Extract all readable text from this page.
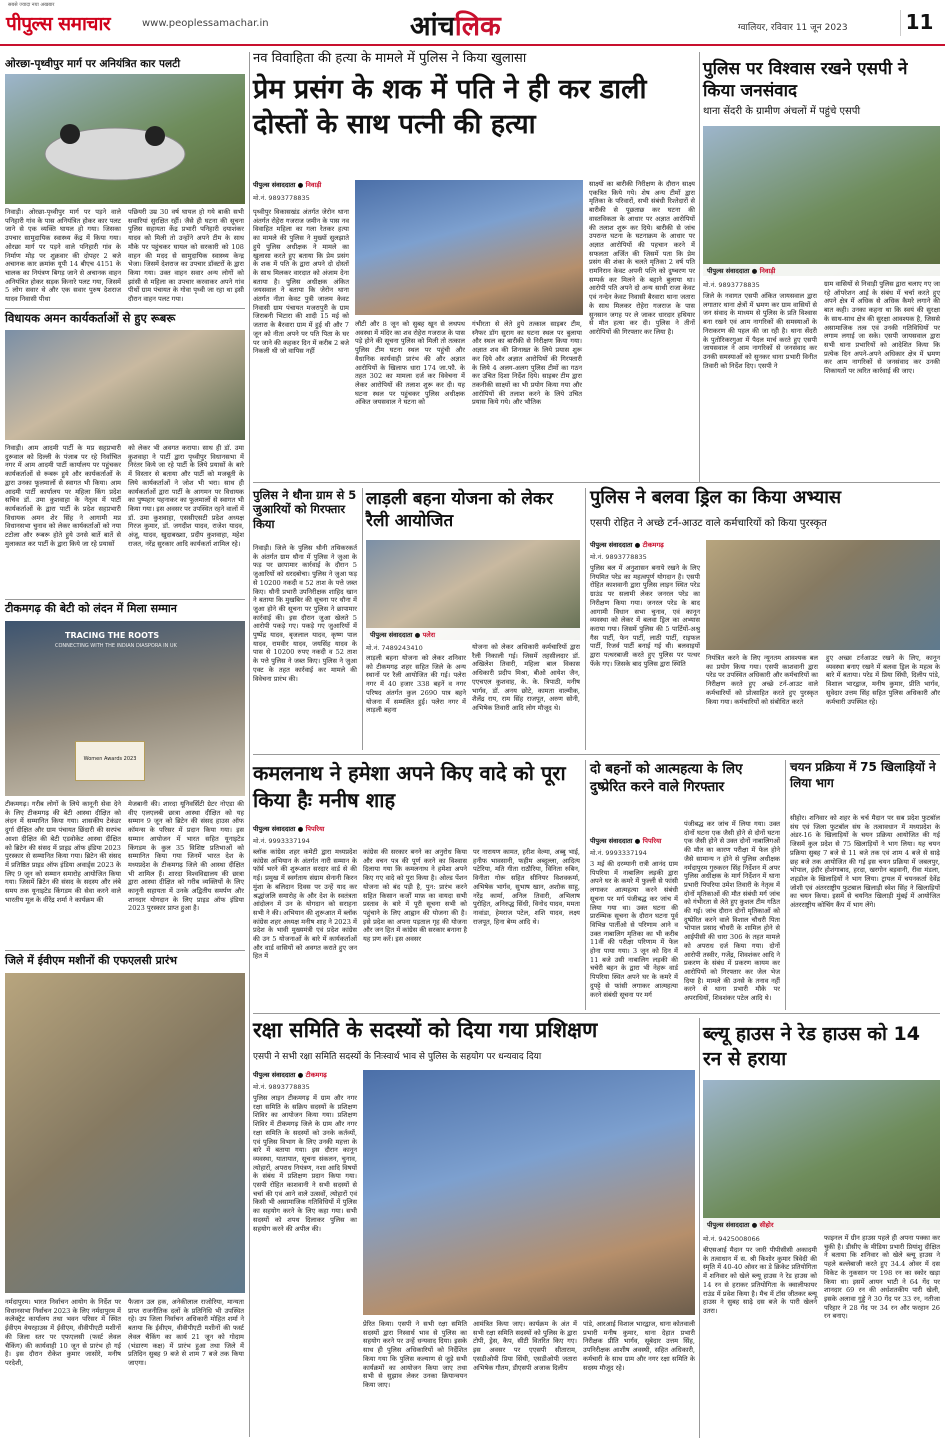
सबसे ज्यादा नया अखबार
पीपुल्स समाचार	www.peoplessamachar.in	आंचलिक	ग्वालियर, रविवार 11 जून 2023	11
ओरछा-पृथ्वीपुर मार्ग पर अनियंत्रित कार पलटी
निवाड़ी। ओरछा-पृथ्वीपुर मार्ग पर पड़ने वाले पनिहारी गांव के पास अनियंत्रित होकर कार पलट जाने से एक व्यक्ति घायल हो गया। जिसका उपचार सामुदायिक स्वास्थ्य केंद्र में किया गया। ओरछा मार्ग पर पड़ने वाले पनिहारी गांव के निर्माण मोड़ पर शुक्रवार की दोपहर 2 बजे अचानक कार क्रमांक यूपी 14 बीएच 4151 के चालक का नियंत्रण बिगड़ जाने से अचानक वाहन अनियंत्रित होकर सड़क किनारे पलट गया, जिसमें 5 लोग सवार थे और एक सवार पुरुष देशराज यादव निवासी पीथा
पछियरी उम्र 30 वर्ष घायल हो गये बाकी सभी सवारियां सुरक्षित रहीं। जैसे ही घटना की सूचना पुलिस सहायता केंद्र प्रभारी पनिहारी दयाशंकर यादव को मिली तो उन्होंने अपने टीम के साथ मौके पर पहुंचकर घायल को सरकारी को 108 वाहन की मदद से सामुदायिक स्वास्थ्य केन्द्र भेजा। जिसमें देशराज का उपचार डॉक्टरों के द्वारा किया गया। उक्त वाहन सवार अन्य लोगों को झांसी से महिला का उपचार करवाकर अपने गांव पीथों ग्राम पंचायत के गोवा पृथ्वी जा रहा था इसी दौरान वाहन पलट गया।
विधायक अमन कार्यकर्ताओं से हुए रूबरू
निवाड़ी। आम आदमी पार्टी के मप्र सहप्रभारी दुरूवाल को दिल्ली के पंजाब पर रहे निर्वाचित नगर में आम आदमी पार्टी कार्यालय पर पहुंचकर कार्यकर्ताओं से रूबरू हुये और कार्यकर्ताओं के द्वारा उनका फूलमालों से स्वागत भी किया। आम आदमी पार्टी कार्यालय पर महिला किंग प्रदेश सचिव डॉ. उमा कुशवाहा के नेतृत्व में पार्टी कार्यकर्ताओं के द्वारा पार्टी के प्रदेश सहप्रभारी विधायक अमन शेर सिंह ने आगामी मप्र विधानसभा चुनाव को लेकर कार्यकर्ताओं को नया टटोला और रूबरू होते हुये उनसे बातें बातें से मुलाकात कर पार्टी के द्वारा किये जा रहे प्रयासों
को लेकर भी अवगत कराया। साथ ही डॉ. उमा कुशवाहा ने पार्टी द्वारा पृथ्वीपुर विधानसभा में निरंतर किये जा रहे पार्टी के लिये प्रयासों के बारे में विस्तार से बताया और पार्टी को मजबूती के लिये कार्यकर्ताओं ने जोश भी भरा। साथ ही कार्यकर्ताओं द्वारा पार्टी के आगमन पर विधायक का पुष्पहार पहनाकर का फूलमालों से स्वागत भी किया गया। इस अवसर पर उपस्थित रहने वालों में डॉ. उमा कुशवाहा, एससीएसटी प्रदेश अध्यक्ष गिरज कुमार, डॉ. जगदीश यादव, राजेश यादव, अंजू, यादव, खुदाबख्शा, प्रदीप कुशवाहा, महेश राजत, नरेंद्र सुरकार आदि कार्यकर्ता शामिल रहे।
टीकमगढ़ की बेटी को लंदन में मिला सम्मान
TRACING THE ROOTS
CONNECTING WITH THE INDIAN DIASPORA IN UK
Women Awards 2023
टीकमगढ़। गरीब लोगों के लिये कानूनी सेवा देने के लिए टीकमगढ़ की बेटी आस्था दीक्षित को लंदन में सम्मानित किया गया। शासकीय टेकंडर दुर्गा दीक्षित और ग्राम पंचायत छिंदारी की सरपंच आशा दीक्षित की बेटी एडवोकेट आस्था दीक्षित को ब्रिटेन की संसद में प्राइड ऑफ इंडिया 2023 पुरस्कार से सम्मानित किया गया। ब्रिटेन की संसद में प्रतिष्ठित प्राइड ऑफ इंडिया अवार्ड्स 2023 के लिए 9 जून को सम्मान समारोह आयोजित किया गया। जिसमें ब्रिटेन की संसद के सदस्य और लंबे समय तक यूनाइटेड किंगडम की सेवा करने वाले भारतीय मूल के वीरेंद्र शर्मा ने कार्यक्रम की
मेजबानी की। शारदा यूनिवर्सिटी ग्रेटर नोएडा की वीए एलएलबी छात्रा आस्था दीक्षित को यह सम्मान 9 जून को ब्रिटेन की संसद हाउस ऑफ कॉमन्स के परिसर में प्रदान किया गया। इस सम्मान आयोजन में भारत सहित यूनाइटेड किंगडम के कुल 35 विशिष्ट प्रतिभाओं को सम्मानित किया गया जिनमें भारत देश के मध्यप्रदेश के टीकमगढ़ जिले की आस्था दीक्षित भी शामिल हैं। शारदा विश्वविद्यालय की छात्रा द्वारा आस्था दीक्षित को गरीब व्यक्तियों के लिए कानूनी सहायता में उनके अद्वितीय समर्पण और शानदार योगदान के लिए प्राइड ऑफ इंडिया 2023 पुरस्कार प्राप्त हुआ है।
जिले में ईवीएम मशीनों की एफएलसी प्रारंभ
नर्मदापुरम। भारत निर्वाचन आयोग के निर्देश पर विधानसभा निर्वाचन 2023 के लिए नर्मदापुरम में कलेक्ट्रेट कार्यालय तथा भवन परिसर में स्थित ईवीएम वेयरहाउस में ईवीएम, वीवीपीएटी मशीनों की जिला स्तर पर एफएलसी (फर्स्ट लेवल चैकिंग) की कार्यवाही 10 जून से प्रारंभ हो गई है। इस दौरान रोकेश कुमार जासोरे, मनीष परदेशी,
फैजान उल हक, अनेकीलाल राजोरिया, मान्यता प्राप्त राजनीतिक दलों के प्रतिनिधि भी उपस्थित रहे। उप जिला निर्वाचन अधिकारी मोहित शर्मा ने बताया कि ईवीएम, वीवीपीएटी मशीनों की फर्स्ट लेवल चैकिंग का कार्य 21 जून को गोदाम (भंडारण कक्ष) में प्रारंभ हुआ तथा जिले में प्रतिदिन सुबह 9 बजे से शाम 7 बजे तक किया जाएगा।
नव विवाहिता की हत्या के मामले में पुलिस ने किया खुलासा
प्रेम प्रसंग के शक में पति ने ही कर डाली दोस्तों के साथ पत्नी की हत्या
पीपुल्स संवाददाता ● निवाड़ी
मो.नं. 9893778835
पृथ्वीपुर विकासखंड अंतर्गत जेरोन थाना अंतर्गत रोहेरा गजराज जमीन के पास नव विवाहित महिला का गला रेतकर हत्या का मामले की पुलिस ने मुख्यों सुलझाते हुये पुलिस अधीक्षक ने मामले का खुलासा करते हुए बताया कि प्रेम प्रसंग के शक में पति के द्वारा अपने दो दोस्तों के साथ मिलकर वारदात को अंजाम देना बताया है। पुलिस अधीक्षक अंकित जयसवाल ने बताया कि जेरोन थाना अंतर्गत नीता केवट पुत्री जालम केवट निवासी ग्राम पंचायत मजरापुरी के ग्राम जिराबनी भिटारा की शादी 15 मई को जतारा के बैरवारा ग्राम में हुई थी और 7 जून को नीता अपने पर पति पिता के घर पर जाने की कहकर दिन में करीब 2 बजे निकली थी जो वापिस नहीं
लौटी और 8 जून को सुबह खून से लथपथ अवस्था में मंदिर का शव रोहेरा गजराज के पास पड़े होने की सूचना पुलिस को मिली तो तत्काल पुलिस टीम घटना स्थल पर पहुंची और वैधानिक कार्यवाही प्रारंभ की और अज्ञात आरोपियों के खिलाफ धारा 174 जा.फौ. के तहत 302 का मामला दर्ज कर विवेचना में लेकर आरोपियों की तलाश शुरू कर दी। यह घटना स्थल पर पहुंचकर पुलिस अधीक्षक अंकित जयसवाल ने घटना को
गंभीरता से लेते हुये तत्काल साइबर टीम, स्नैफर डॉग सुराग का घटना स्थल पर बुलाया और स्थल का बारीकी से निरीक्षण किया गया। अज्ञात शव की शिनाख्त के लिये प्रयास शुरू कर दिये और अज्ञात आरोपियों की गिरफ्तारी के लिये 4 अलग-अलग पुलिस टीमों का गठन कर उचित दिशा निर्देश दिये। साइबर टीम द्वारा तकनीकी साक्ष्यों का भी प्रयोग किया गया और आरोपियों की तलाश करने के लिये उचित प्रयास किये गये। और भौतिक
साक्ष्यों का बारीकी निरीक्षण के दौरान साक्ष्य एकत्रित किये गये। शेष अन्य टीमों द्वारा मृतिका के परिवारों, सभी संबंधी रिश्तेदारों से बारीकी से पूछताछ कर घटना की वास्तविकता के आधार पर अज्ञात आरोपियों की तलाश शुरू कर दिये। बारीकी से जांच उपरान्त घटना के घटनाक्रम के आधार पर अज्ञात आरोपियों की पहचान करने में सफलता अर्जित की जिसमें पता कि प्रेम प्रसंग की शंका के चलते मृतिका 2 वर्ष पति रामनिरान केवट अपनी पत्नि को दुष्चरण पर सम्पर्क कर मिलने के बहाने बुलाया था। आरोपी पति अपने दो अन्य साथी राजा केवट एवं नन्देन केवट निवासी बैरवारा थाना जतारा के साथ मिलकर रोहेरा गजराज के पास सुनसान जगह पर ले जाकर धारदार हथियार से मौत हत्या कर दी। पुलिस ने तीनों आरोपियों की गिरफ्तार कर लिया है।
पुलिस पर विश्वास रखने एसपी ने किया जनसंवाद
थाना सेंदरी के ग्रामीण अंचलों में पहुंचे एसपी
पीपुल्स संवाददाता ● निवाड़ी
मो.नं. 9893778835
जिले के नवागत एसपी अंकित जायसवाल द्वारा लगातार थाना क्षेत्रों में भ्रमण कर ग्राम वासियों से जन संवाद के माध्यम से पुलिस के प्रति विश्वास बना रखने एवं आम नागरिकों की समस्याओं के निराकरण की पहल की जा रही है। थाना सेंदरी के पुतोरिकरगुआ में पैदल मार्च करते हुए एसपी जायसवाल ने आम नागरिकों से जनसंवाद कर उनकी समस्याओं को सुनकर थाना प्रभारी विनीत तिवारी को निर्देश दिए। एसपी ने
ग्राम वासियों से निवाड़ी पुलिस द्वारा चलाए गए जा रहे ऑपरेशन आई के संबंध में चर्चा करते हुए अपने क्षेत्र में अधिक से अधिक कैमरे लगाने की बात कही। उनका कहना था कि स्वयं की सुरक्षा के साथ-साथ क्षेत्र की सुरक्षा आवश्यक है, जिससे असामाजिक तत्व एवं उनकी गतिविधियों पर लगाम लगाई जा सके। एसपी जायसवाल द्वारा सभी थाना प्रभारियों को आदेशित किया कि प्रत्येक दिन अपने-अपने अधिकार क्षेत्र में भ्रमण कर आम नागरिकों से जनसंवाद कर उनकी शिकायतों पर त्वरित कार्रवाई की जाए।
पुलिस ने थौना ग्राम से 5 जुआरियों को गिरफ्तार किया
निवाड़ी। जिले के पुलिस थौनी तथिकरकर्त के अंतर्गत ग्राम थौना में पुलिस ने जुआ के फड़ पर छापामार कार्रवाई के दौरान 5 जुआरियों को धरदबोचा। पुलिस ने जुआ फड़ से 10200 नकदी व 52 ताश के पत्ते जब्त किए। थौनी प्रभारी उपनिरीक्षक शाहिद खान ने बताया कि मुखबिर की सूचना पर थौना में जुआ होने की सूचना पर पुलिस ने छापामार कार्रवाई की। इस दौरान जुआ खेलते 5 आरोपी पकड़े गए। पकड़े गए जुआरियों में पुष्पेंद्र यादव, बृजलाल यादव, कृष्ण पाल यादव, रामवीर यादव, जयसिंह यादव के पास से 10200 रुपए नकदी व 52 ताश के पत्ते पुलिस ने जब्त किए। पुलिस ने जुआ एक्ट के तहत कार्रवाई कर मामले की विवेचना प्रारंभ की।
लाड़ली बहना योजना को लेकर रैली आयोजित
पीपुल्स संवाददाता ● पलेरा
मो.नं. 7489243410
लाड़ली बहना योजना को लेकर शनिवार को टीकमगढ़ शहर सहित जिले के अन्य स्थानों पर रैली आयोजित की गई। पलेरा नगर में 40 हजार 338 बहनें व नगर परिषद अंतर्गत कुल 2690 पात्र बहने योजना में सम्मलित हुई। पलेरा नगर में लाड़ली बहना
योजना को लेकर अधिकारी कर्मचारियों द्वारा रैली निकाली गई। जिसमें तहसीलदार डॉ. अखिलेश तिवारी, महिला बाल विकास अधिकारी प्रदीप मिश्रा, बीओ आयेश जैन, एएचएल कुशवाह, के. के. त्रिपाठी, मनीष भार्गव, डॉ. अनय छोटे, कामता वाल्मीक, शैलेंद्र राय, राम सिंह राजपूत, अरुण सोनी, अभिषेक तिवारी आदि लोग मौजूद थे।
पुलिस ने बलवा ड्रिल का किया अभ्यास
एसपी रोहित ने अच्छे टर्न-आउट वाले कर्मचारियों को किया पुरस्कृत
पीपुल्स संवाददाता ● टीकमगढ़
मो.नं. 9893778835
पुलिस बल में अनुशासन बनाये रखने के लिए नियमित परेड का महत्वपूर्ण योगदान है। एसपी रोहित काशवानी द्वारा पुलिस लाइन स्थित परेड ग्राउंड पर सलामी लेकर जनरल परेड का निरीक्षण किया गया। जनरल परेड के बाद आगामी विधान सभा चुनाव, एवं कानून व्यवस्था को लेकर में बलवा ड्रिल का अभ्यास कराया गया। जिसमें पुलिस की 5 पार्टियों-अश्रु गैस पार्टी, फेन पार्टी, लाठी पार्टी, राइफल पार्टी, रिजर्व पार्टी बनाई गई थी। बलवाइयों द्वारा पत्थरबाजी करते हुए पुलिस पर पत्थर फेंके गए। जिसके बाद पुलिस द्वारा स्थिति
नियंत्रित करने के लिए न्यूनतम आवश्यक बल का प्रयोग किया गया। एसपी काशवानी द्वारा परेड पर उपस्थित अधिकारी और कर्मचारियों का निरीक्षण करते हुए अच्छे टर्न-आउट वाले कर्मचारियों को प्रोत्साहित करते हुए पुरस्कृत किया गया। कर्मचारियों को संबोधित करते
हुए अच्छा टर्नआउट रखने के लिए, कानून व्यवस्था बनाए रखने में बलवा ड्रिल के महत्व के बारे में बताया। परेड में प्रिया सिंघी, दिलीप पांडे, विशाल भारद्वाज, मनीष कुमार, प्रीति भार्गव, सुवेदार उत्तम सिंह सहित पुलिस अधिकारी और कर्मचारी उपस्थित रहे।
कमलनाथ ने हमेशा अपने किए वादे को पूरा किया हैः मनीष शाह
पीपुल्स संवाददाता ● पिपरिया
मो.नं. 9993337194
ब्लॉक कांग्रेस शहर कमेटी द्वारा मध्यप्रदेश कांग्रेस अभियान के अंतर्गत नारी सम्मान के फॉर्म भरने की शुरूआत सरदार वार्ड से की गई। प्रमुख में स्वर्गताय संग्राम सेनानी किरन मुंशा के बलिदान दिवस पर उन्हें याद कर श्रद्धांजलि समारोह के और देश के स्वतंत्रता आंदोलन में उन के योगदान को सराहना सभी ने की। अभियान की शुरूआत में ब्लॉक कांग्रेस शहर अध्यक्ष मनीष शाह ने 2023 में प्रदेश के भावी मुख्यमंत्री एवं प्रदेश कांग्रेस की उन 5 योजनाओं के बारे में कार्यकर्ताओं और वार्ड वासियों को अवगत कराते हुए जन हित में
कांग्रेस की सरकार बनने का अनुरोध किया और वचन पत्र की पूर्ण करने का विश्वास दिलाया गया कि कमलनाथ ने हमेशा अपने किए गए वादे को पूरा किया है। ओल्ड पेंशन योजना को बंद पड़ी है, पुन: प्रारंभ करने सहित किसान कर्जों माफ़ का वायदा सभी प्रस्ताव के बारे में पूरी सूचना सभी को पहुंचाने के लिए आह्वान की योजना की है। इसे प्रदेश का अपना पड़ताल गृह की योजना और जन हित में कांग्रेस की सरकार बनाना है यह प्रण करें। इस अवसर
पर नारायण कामत, हरीश वेल्मा, अब्बु भाई, हनीफ भावसानी, फहीम अब्दुल्ला, आदित्य पटेरिया, मति गीता राठौरिया, विनिता रुबिन, विनीता गोरू सहित सीनियर विशवकर्मा, अभिषेक भार्गव, सुभाष खान, अशोक साहू, नरेंद्र कार्मा, अनिल तिवारी, अभिलाष पुरोहित, अनिरुद्ध सिंधी, विनोद यादव, ममता नावांडा, हेमराज पटेल, शशि यादव, लक्ष्य राजपूत, हिना बेग्म आदि थे।
दो बहनों को आत्महत्या के लिए दुष्प्रेरित करने वाले गिरफ्तार
पीपुल्स संवाददाता ● पिपरिया
मो.नं. 9993337194
3 मई की दरम्यानी रात्री आनंद ग्राम पिपरिया में नाबालिग लड़की द्वारा अपने घर के कमरे में फुल्ली से फांसी लगाकर आत्महत्या करने संबंधी सूचना पर मर्ग पंजीबद्ध कर जांच में लिया गया था। उक्त घटना की प्रारम्भिक सूचना के दौरान घटना पूर्व विभिन्न पार्तीओ से परिणाम आने व उक्त नाबालिग मृतिका का भी करीब 11वीं की परीक्षा परिणाम में फेल होना पाया गया। 3 जून को दिन में 11 बजे उसी नाबालिग लड़की की चचेरी बहन के द्वारा भी नेहरू वार्ड पिपरिया स्थित अपने घर के कमरे में दुपट्टे से फांसी लगाकर आत्महत्या करने संबंधी सूचना पर मर्ग
पंजीबद्ध कर जांच में लिया गया। उक्त दोनों घटना एक जैसी होने से दोनों घटना एक जैसी होने से उक्त दोनों नाबालिगओं की मौत का कारण परीक्षा में फेल होने जैसे सामान्य न होने से पुलिस अधीक्षक नर्मदापुरम गुरुकरन सिंह निर्देशन में अपर पुलिस अधीक्षक के मार्ग निर्देशन में थाना प्रभारी पिपरिया उमेश तिवारी के नेतृत्व में दोनों मृतिकाओं की मौत संबंधी मर्ग जांच को गंभीरता से लेते हुए कुशल टीम गठित की गई। जांच दौरान दोनों मृतिकाओं को दुष्प्रेरित करने वाले विशाल चौधरी पिता भोपाल प्रसाद चौधरी के शामिल होने से आईपीसी की धारा 306 के तहत मामले को अपराध दर्ज किया गया। दोनों आरोपी तस्वीर, गजेंद्र, शिवशंकर आदि ने प्रकरण के संबंध में प्रकरण कायम कर आरोपियों को गिरफ्तार कर जेल भेज दिया है। मामले की उनसे के तनाव नहीं करने से थाना प्रभारी मौके पर अपराधियों, शिवशंकर पटेल आदि थे।
चयन प्रक्रिया में 75 खिलाड़ियों ने लिया भाग
सीहोर। शनिवार को शहर के चर्च मैदान पर सब प्रदेश फुटबॉल संघ एवं जिला फुटबॉल संघ के तत्वावधान में मध्यप्रदेश के अंडर-16 के खिलाड़ियों के चयन प्रक्रिया आयोजित की गई जिसमें कुल प्रदेश से 75 खिलाड़ियों ने भाग लिया। यह चयन प्रक्रिया सुबह 7 बजे से 11 बजे तक एवं शाम 4 बजे से साढ़े छह बजे तक आयोजित की गई इस चयन प्रक्रिया में जबलपुर, भोपाल, इंदौर होशंगाबाद, हरदा, खरगोन बड़वानी, रीवा मंडला, शहडोल के खिलाड़ियों ने भाग लिया। ट्रायल में चयनकर्ता देवेंद्र जोशी एवं अंतरराष्ट्रीय फुटबाल खिलाड़ी स्वेश सिंह ने खिलाड़ियों का चयन किया। इसमें से चयनित खिलाड़ी मुंबई में आयोजित अंतरराष्ट्रीय कोचिंग कैंप में भाग लेंगे।
रक्षा समिति के सदस्यों को दिया गया प्रशिक्षण
एसपी ने सभी रक्षा समिति सदस्यों के निःस्वार्थ भाव से पुलिस के सहयोग पर धन्यवाद दिया
पीपुल्स संवाददाता ● टीकमगढ़
मो.नं. 9893778835
पुलिस लाइन टीकमगढ़ में ग्राम और नगर रक्षा समिति के सक्रिय सदस्यों के प्रशिक्षण शिविर का आयोजन किया गया। प्रशिक्षण शिविर में टीकमगढ़ जिले के ग्राम और नगर रक्षा समिति के सदस्यों को उनके कर्तव्यों, एवं पुलिस विभाग के लिए उनकी महत्ता के बारे में बताया गया। इस दौरान कानून व्यवस्था, यातायात, सूचना संकलन, चुनाव, त्योहारों, अपराध नियंत्रण, नशा आदि विषयों के संबंध में प्रशिक्षण प्रदान किया गया। एसपी रोहित काशवानी ने सभी सदस्यों से चर्चा की एवं आने वाले उत्सवों, त्योहारों एवं किसी भी असामाजिक गतिविधियों में पुलिस का सहयोग करने के लिए कहा गया। सभी सदस्यों को शपथ दिलाकर पुलिस का सहयोग करने की अपील की।
प्रेरित किया। एसपी ने सभी रक्षा समिति सदस्यों द्वारा निस्वार्थ भाव से पुलिस का सहयोग करने पर उन्हें धन्यवाद दिया। इसके साथ ही पुलिस अधिकारियों को निर्देशित किया गया कि पुलिस कल्याण से जुड़े सभी कार्यक्रमों का आयोजन किया जाए तथा सभी से सुझाव लेकर उनका क्रियान्वयन किया जाए।
आमंत्रित किया जाए। कार्यक्रम के अंत में सभी रक्षा समिति सदस्यों को पुलिस के द्वारा टोपी, ड्रेस, कैप, सीटी वितरित किए गए। इस अवसर पर एएसपी सीताराम, एसडीओपी प्रिया सिंघी, एसडीओपी जतारा अभिषेक गौतम, डीएसपी अजाक दिलीप
पांडे, आरआई विशाल भारद्वाज, थाना कोतवाली प्रभारी मनीष कुमार, थाना देहात प्रभारी निरीक्षक प्रीति भार्गव, सूबेदार उत्तम सिंह, उपनिरीक्षक आशीष अवस्थी, सहित अधिकारी, कर्मचारी के साथ ग्राम और नगर रक्षा समिति के सदस्य मौजूद रहे।
ब्ल्यू हाउस ने रेड हाउस को 14 रन से हराया
पीपुल्स संवाददाता ● सीहोर
मो.नं. 9425008066
बीएसआई मैदान पर जारी पीपीसीसी अकादमी के तत्वाधान में स. श्री किशोर कुमार त्रिवेदी की स्मृति में 40-40 ओवर का डे क्रिकेट प्रतियोगिता में शनिवार को खेले ब्ल्यू हाउस ने रेड हाउस को 14 रन से हराकर प्रतियोगिता के क्वालीफायर राउंड में प्रवेश किया है। मैच में टॉस जीतकर ब्ल्यू हाउस ने सुबह साढ़े दस बजे के पारी खेलने उतरा।
फाइनल में ग्रीन हाउस पहले ही अपना पक्का कर चुकी है। डीसीए के मीडिया प्रभारी प्रियांशु दीक्षित ने बताया कि शनिवार को खेले ब्ल्यू हाउस ने पहले बल्लेबाजी करते हुए 34.4 ओवर में दस विकेट के नुकसान पर 198 रन का स्कोर खड़ा किया था। इसमें आयन भाटी ने 64 गेंद पर शानदार 69 रन की अर्धशतकीय पारी खेली, इसके अलावा गुड्डे ने 30 गेंद पर 33 रन, नतीजा परिहार ने 28 गेंद पर 34 रन और फरहान 26 रन बनाए।
